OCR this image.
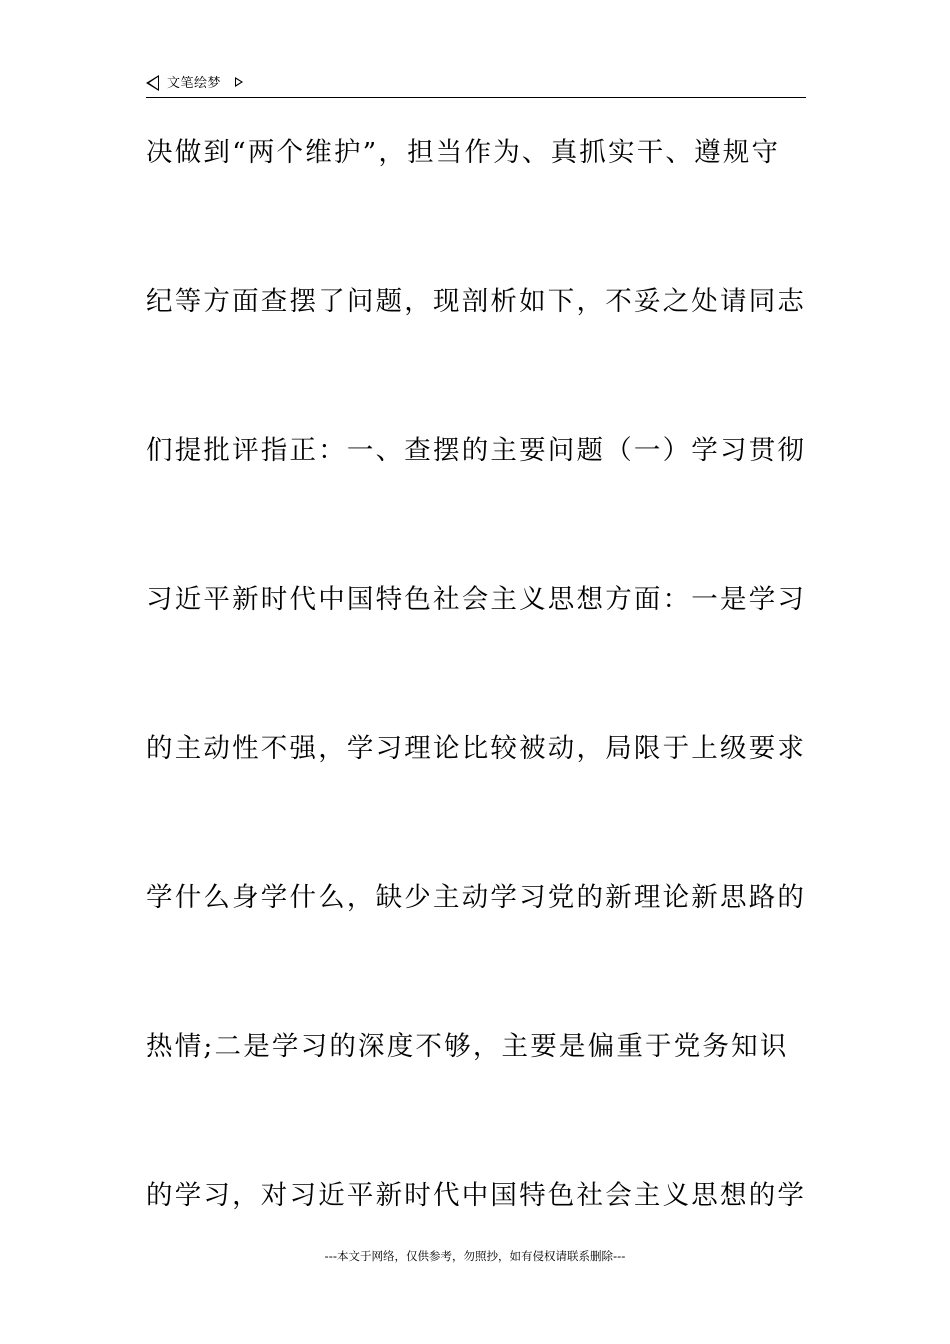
文笔绘梦
决做到“两个维护”，担当作为、真抓实干、遵规守
纪等方面查摆了问题，现剖析如下，不妥之处请同志
们提批评指正：一、查摆的主要问题（一）学习贯彻
习近平新时代中国特色社会主义思想方面：一是学习
的主动性不强，学习理论比较被动，局限于上级要求
学什么身学什么，缺少主动学习党的新理论新思路的
热情;二是学习的深度不够，主要是偏重于党务知识
的学习，对习近平新时代中国特色社会主义思想的学
---本文于网络，仅供参考，勿照抄，如有侵权请联系删除---
